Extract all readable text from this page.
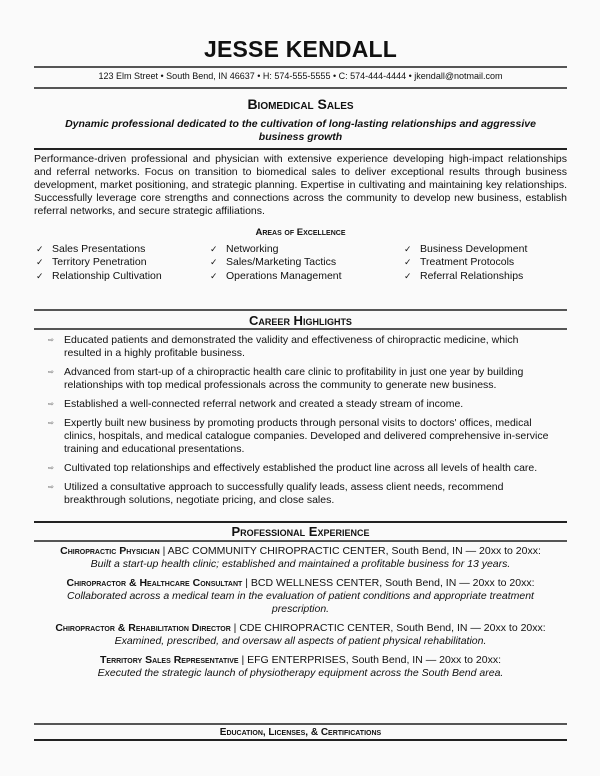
JESSE KENDALL
123 Elm Street • South Bend, IN 46637 • H: 574-555-5555 • C: 574-444-4444 • jkendall@notmail.com
Biomedical Sales
Dynamic professional dedicated to the cultivation of long-lasting relationships and aggressive business growth
Performance-driven professional and physician with extensive experience developing high-impact relationships and referral networks. Focus on transition to biomedical sales to deliver exceptional results through business development, market positioning, and strategic planning. Expertise in cultivating and maintaining key relationships. Successfully leverage core strengths and connections across the community to develop new business, establish referral networks, and secure strategic affiliations.
Areas of Excellence
✓ Sales Presentations
✓ Territory Penetration
✓ Relationship Cultivation
✓ Networking
✓ Sales/Marketing Tactics
✓ Operations Management
✓ Business Development
✓ Treatment Protocols
✓ Referral Relationships
Career Highlights
⇨ Educated patients and demonstrated the validity and effectiveness of chiropractic medicine, which resulted in a highly profitable business.
⇨ Advanced from start-up of a chiropractic health care clinic to profitability in just one year by building relationships with top medical professionals across the community to generate new business.
⇨ Established a well-connected referral network and created a steady stream of income.
⇨ Expertly built new business by promoting products through personal visits to doctors' offices, medical clinics, hospitals, and medical catalogue companies. Developed and delivered comprehensive in-service training and educational presentations.
⇨ Cultivated top relationships and effectively established the product line across all levels of health care.
⇨ Utilized a consultative approach to successfully qualify leads, assess client needs, recommend breakthrough solutions, negotiate pricing, and close sales.
Professional Experience
Chiropractic Physician | ABC COMMUNITY CHIROPRACTIC CENTER, South Bend, IN — 20xx to 20xx:
Built a start-up health clinic; established and maintained a profitable business for 13 years.
Chiropractor & Healthcare Consultant | BCD WELLNESS CENTER, South Bend, IN — 20xx to 20xx:
Collaborated across a medical team in the evaluation of patient conditions and appropriate treatment prescription.
Chiropractor & Rehabilitation Director | CDE CHIROPRACTIC CENTER, South Bend, IN — 20xx to 20xx:
Examined, prescribed, and oversaw all aspects of patient physical rehabilitation.
Territory Sales Representative | EFG ENTERPRISES, South Bend, IN — 20xx to 20xx:
Executed the strategic launch of physiotherapy equipment across the South Bend area.
Education, Licenses, & Certifications
